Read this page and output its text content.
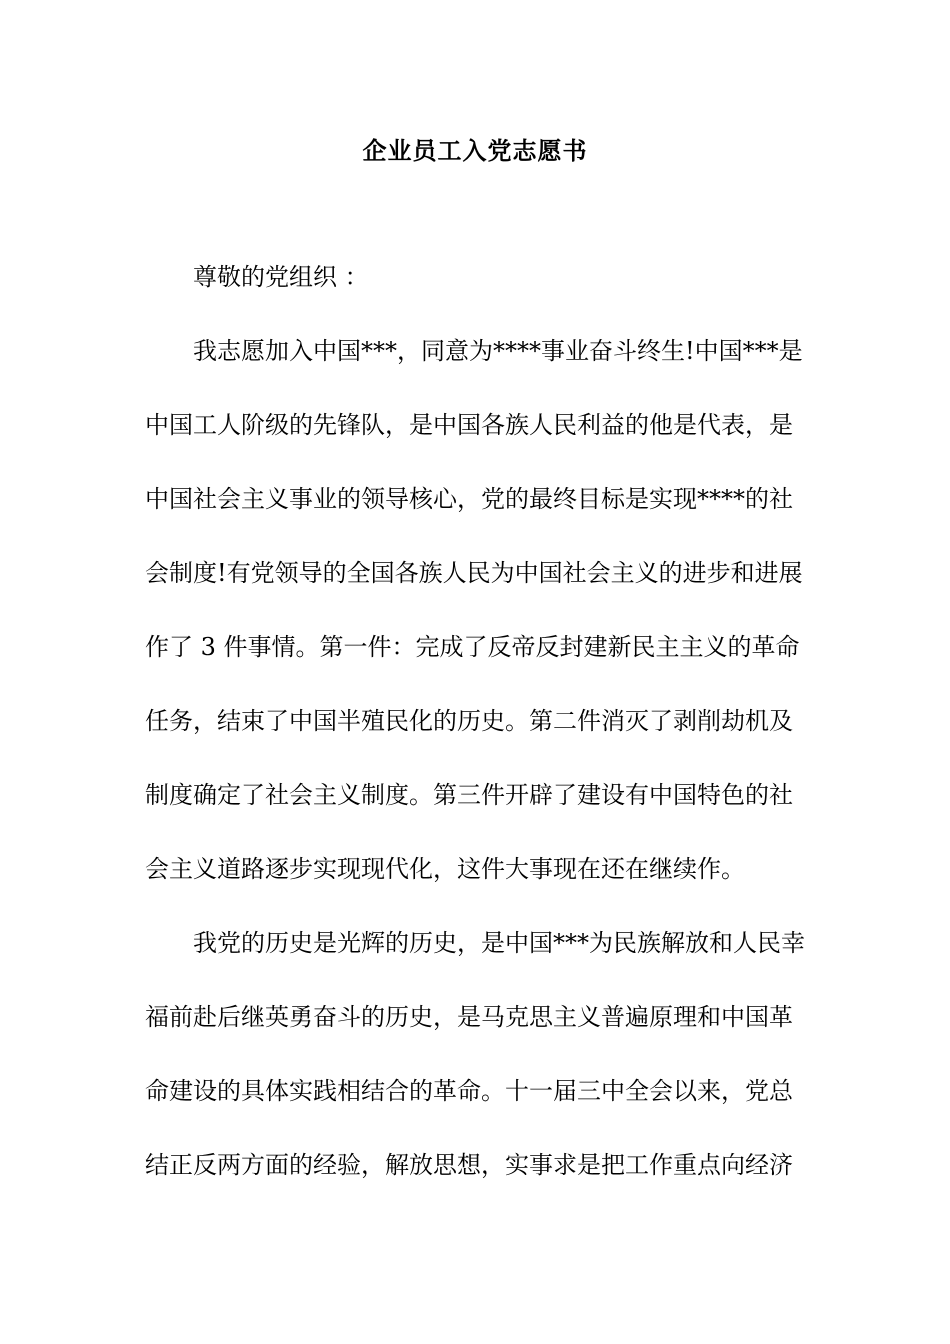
企业员工入党志愿书
尊敬的党组织 ：
我志愿加入中国***，同意为****事业奋斗终生!中国***是
中国工人阶级的先锋队，是中国各族人民利益的他是代表，是
中国社会主义事业的领导核心，党的最终目标是实现****的社
会制度!有党领导的全国各族人民为中国社会主义的进步和进展
作了 3 件事情。第一件：完成了反帝反封建新民主主义的革命
任务，结束了中国半殖民化的历史。第二件消灭了剥削劫机及
制度确定了社会主义制度。第三件开辟了建设有中国特色的社
会主义道路逐步实现现代化，这件大事现在还在继续作。
我党的历史是光辉的历史，是中国***为民族解放和人民幸
福前赴后继英勇奋斗的历史，是马克思主义普遍原理和中国革
命建设的具体实践相结合的革命。十一届三中全会以来，党总
结正反两方面的经验，解放思想，实事求是把工作重点向经济
